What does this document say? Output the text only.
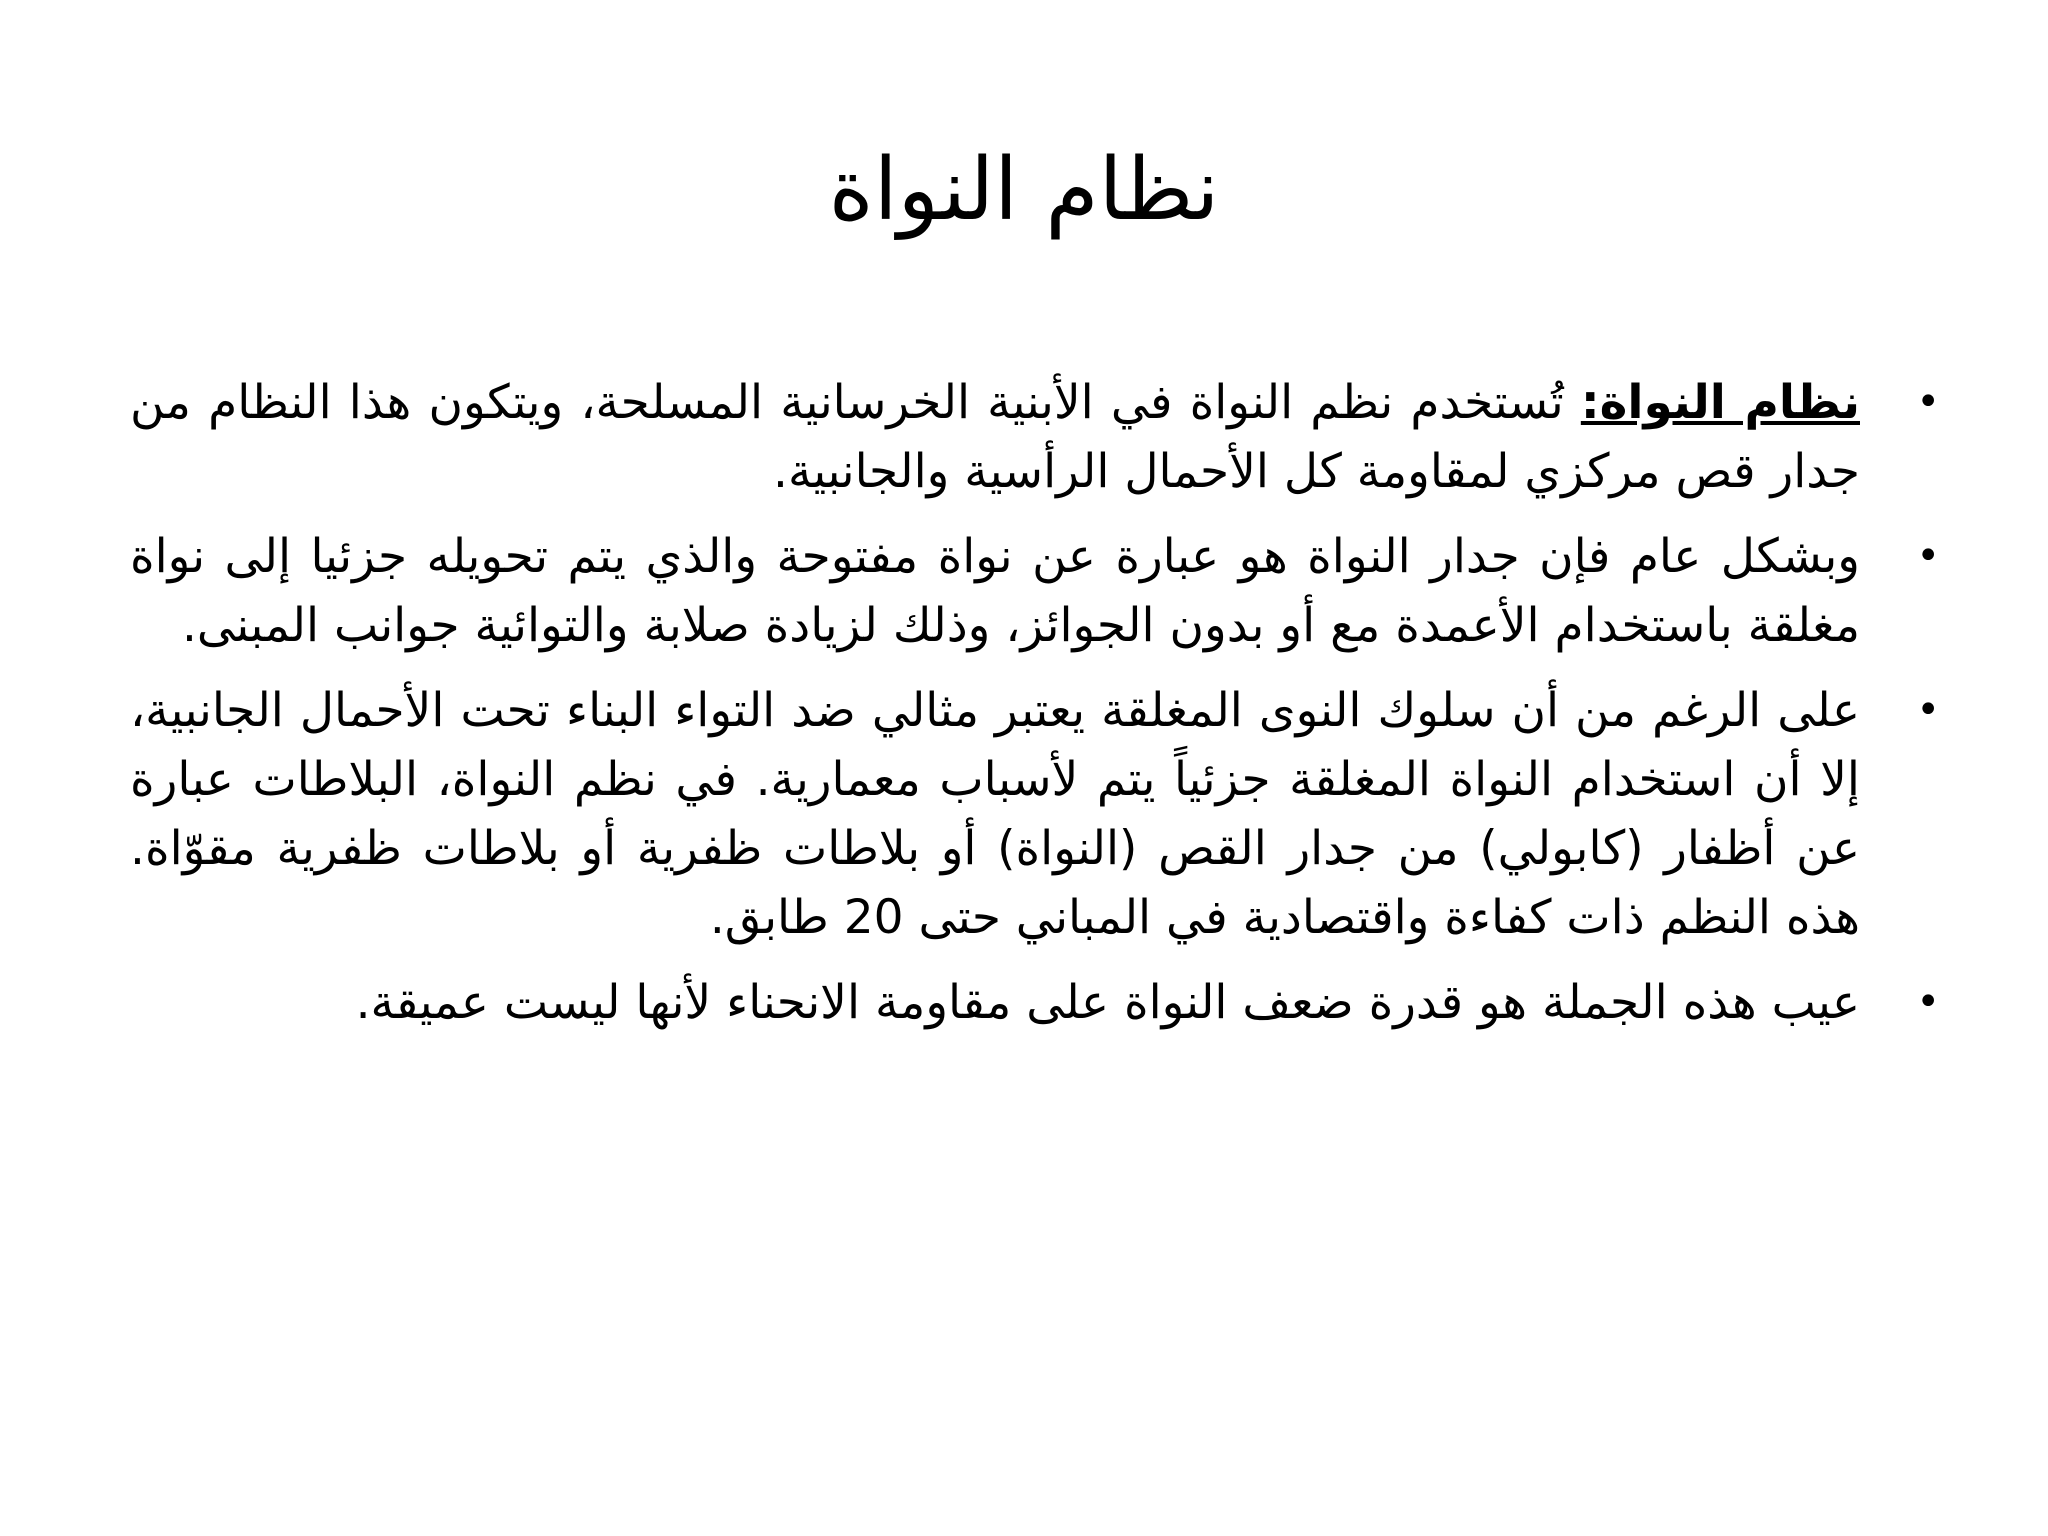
نظام النواة
•
نظام النواة: تُستخدم نظم النواة في الأبنية الخرسانية المسلحة، ويتكون هذا النظام من جدار قص مركزي لمقاومة كل الأحمال الرأسية والجانبية.
•
وبشكل عام فإن جدار النواة هو عبارة عن نواة مفتوحة والذي يتم تحويله جزئيا إلى نواة مغلقة باستخدام الأعمدة مع أو بدون الجوائز، وذلك لزيادة صلابة والتوائية جوانب المبنى.
•
على الرغم من أن سلوك النوى المغلقة يعتبر مثالي ضد التواء البناء تحت الأحمال الجانبية، إلا أن استخدام النواة المغلقة جزئياً يتم لأسباب معمارية. في نظم النواة، البلاطات عبارة عن أظفار (كابولي) من جدار القص (النواة) أو بلاطات ظفرية أو بلاطات ظفرية مقوّاة. هذه النظم ذات كفاءة واقتصادية في المباني حتى 20 طابق.
•
عيب هذه الجملة هو قدرة ضعف النواة على مقاومة الانحناء لأنها ليست عميقة.
